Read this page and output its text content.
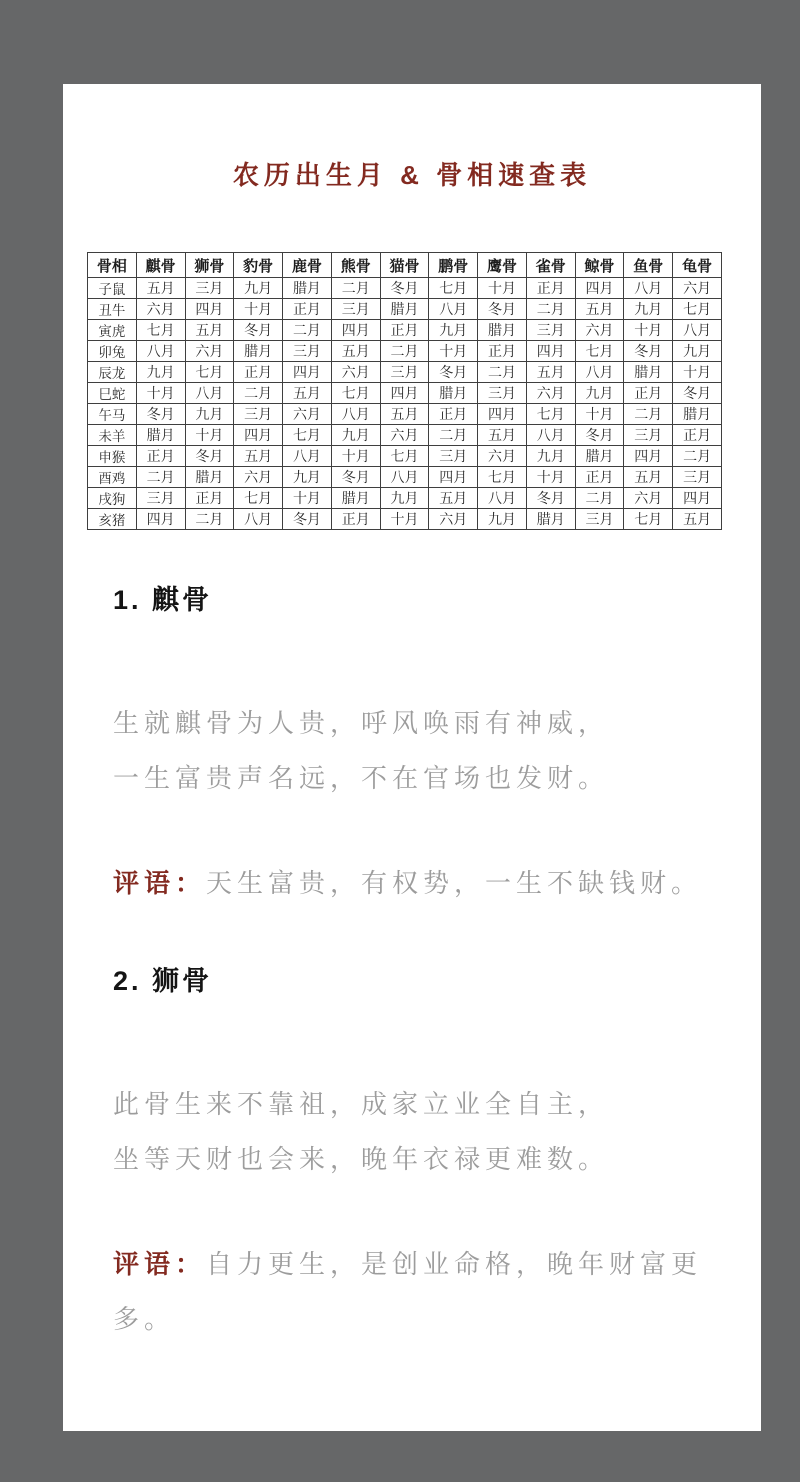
农历出生月 & 骨相速查表
骨相	麒骨	狮骨	豹骨	鹿骨	熊骨	猫骨	鹏骨	鹰骨	雀骨	鲸骨	鱼骨	龟骨
子鼠	五月	三月	九月	腊月	二月	冬月	七月	十月	正月	四月	八月	六月
丑牛	六月	四月	十月	正月	三月	腊月	八月	冬月	二月	五月	九月	七月
寅虎	七月	五月	冬月	二月	四月	正月	九月	腊月	三月	六月	十月	八月
卯兔	八月	六月	腊月	三月	五月	二月	十月	正月	四月	七月	冬月	九月
辰龙	九月	七月	正月	四月	六月	三月	冬月	二月	五月	八月	腊月	十月
巳蛇	十月	八月	二月	五月	七月	四月	腊月	三月	六月	九月	正月	冬月
午马	冬月	九月	三月	六月	八月	五月	正月	四月	七月	十月	二月	腊月
未羊	腊月	十月	四月	七月	九月	六月	二月	五月	八月	冬月	三月	正月
申猴	正月	冬月	五月	八月	十月	七月	三月	六月	九月	腊月	四月	二月
酉鸡	二月	腊月	六月	九月	冬月	八月	四月	七月	十月	正月	五月	三月
戌狗	三月	正月	七月	十月	腊月	九月	五月	八月	冬月	二月	六月	四月
亥猪	四月	二月	八月	冬月	正月	十月	六月	九月	腊月	三月	七月	五月
1. 麒骨

生就麒骨为人贵，呼风唤雨有神威，
一生富贵声名远，不在官场也发财。

评语：天生富贵，有权势，一生不缺钱财。

2. 狮骨

此骨生来不靠祖，成家立业全自主，
坐等天财也会来，晚年衣禄更难数。

评语：自力更生，是创业命格，晚年财富更多。
